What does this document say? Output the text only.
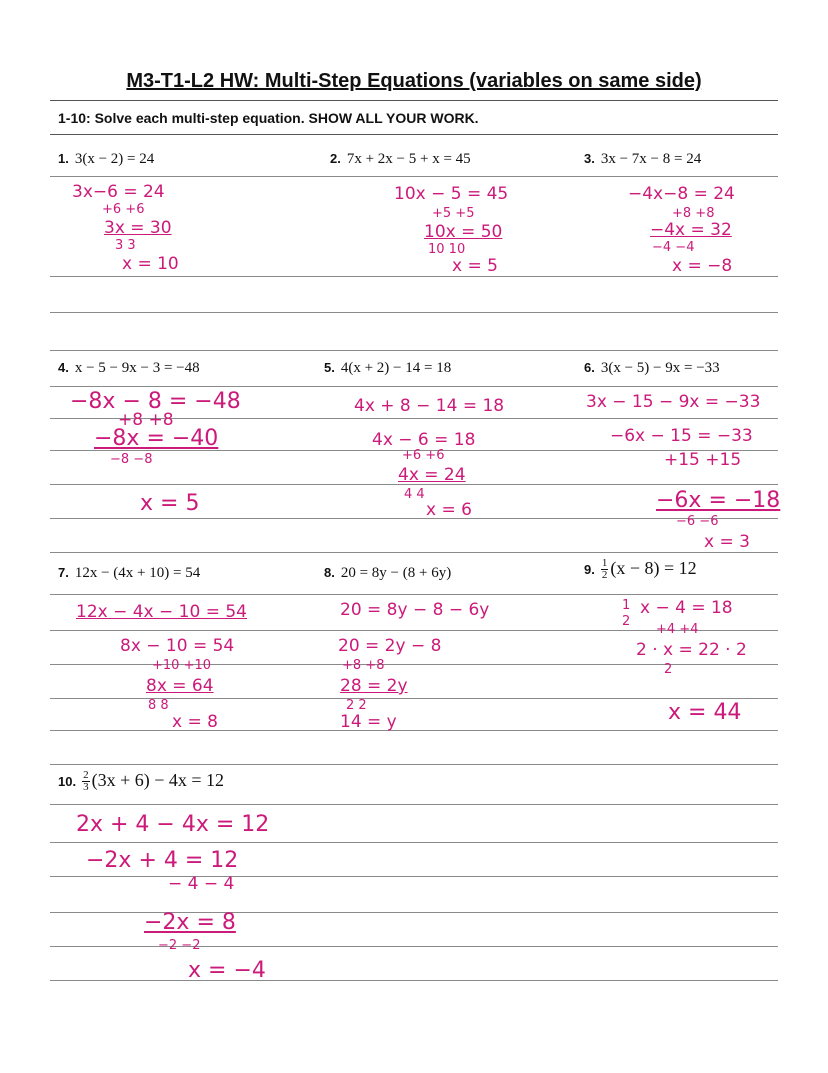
M3-T1-L2 HW: Multi-Step Equations (variables on same side)
1-10: Solve each multi-step equation. SHOW ALL YOUR WORK.
1. 3(x − 2) = 24	2. 7x + 2x − 5 + x = 45	3. 3x − 7x − 8 = 24
3x−6 = 24
+6 +6
3x = 30
3 3
x = 10
10x − 5 = 45
+5 +5
10x = 50
10 10
x = 5
−4x−8 = 24
+8 +8
−4x = 32
−4 −4
x = −8
4. x − 5 − 9x − 3 = −48	5. 4(x + 2) − 14 = 18	6. 3(x − 5) − 9x = −33
−8x − 8 = −48
+8 +8
−8x = −40
−8 −8
x = 5
4x + 8 − 14 = 18
4x − 6 = 18
+6 +6
4x = 24
4 4
x = 6
3x − 15 − 9x = −33
−6x − 15 = −33
+15 +15
−6x = −18
−6 −6
x = 3
7. 12x − (4x + 10) = 54	8. 20 = 8y − (8 + 6y)	9. $\frac{1}{2} (x - 8) = 12$
12x − 4x − 10 = 54
8x − 10 = 54
+10 +10
8x = 64
8 8
x = 8
20 = 8y − 8 − 6y
20 = 2y − 8
+8 +8
28 = 2y
2 2
14 = y
x − 4 = 18
1
2
+4 +4
2 · x = 22 · 2
2
x = 44
10. $\frac{2}{3} (3x + 6) - 4x = 12$
2x + 4 − 4x = 12
−2x + 4 = 12
− 4 − 4
−2x = 8
−2 −2
x = −4
